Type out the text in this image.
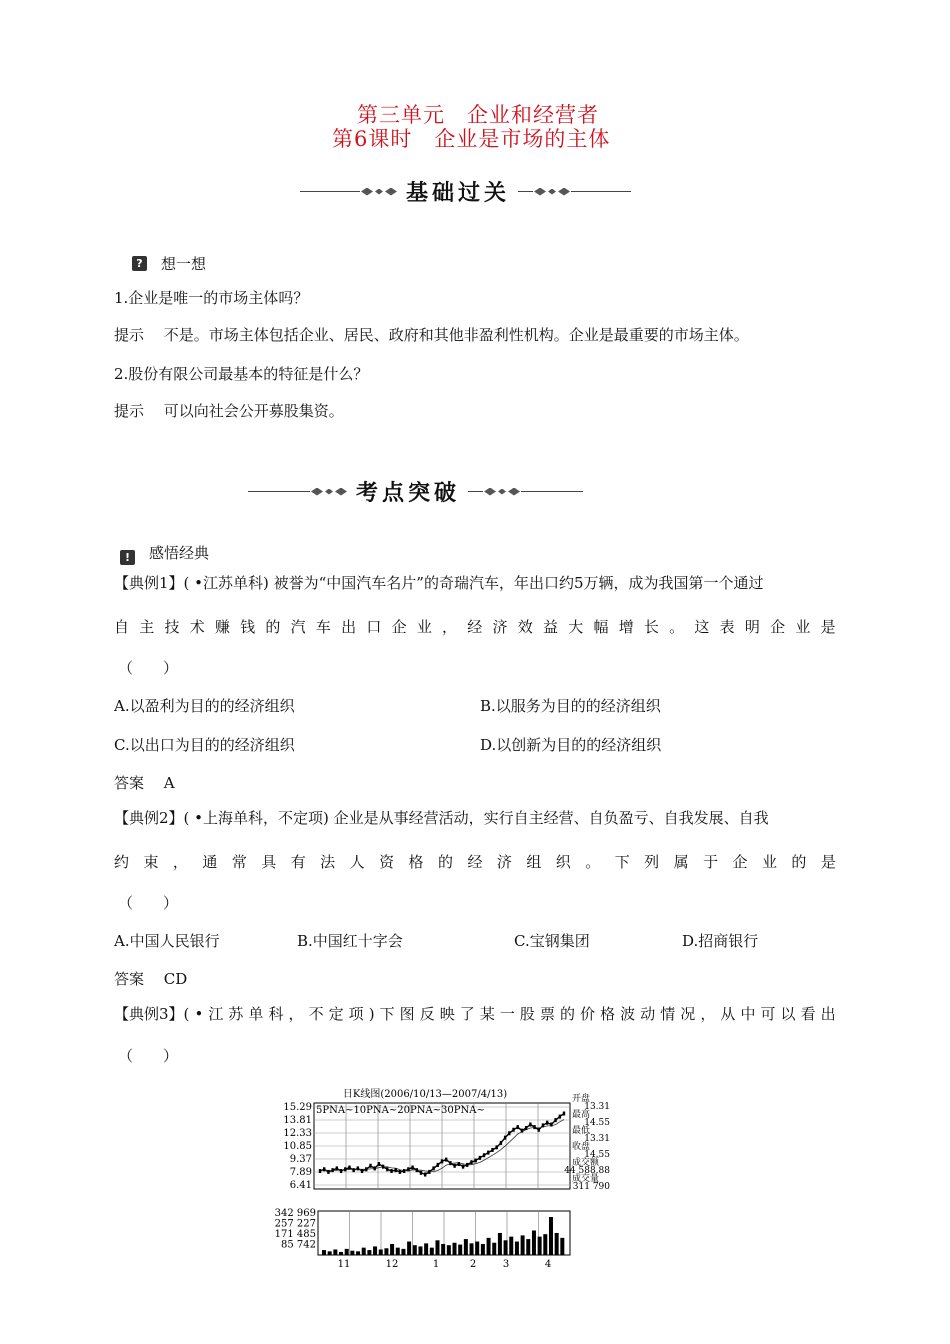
第三单元　企业和经营者
第6课时　企业是市场的主体
基础过关
? 想一想
1.企业是唯一的市场主体吗？
提示　 不是。市场主体包括企业、居民、政府和其他非盈利性机构。企业是最重要的市场主体。
2.股份有限公司最基本的特征是什么？
提示　 可以向社会公开募股集资。
考点突破
!	感悟经典
【典例1】( •江苏单科) 被誉为“中国汽车名片”的奇瑞汽车，年出口约5万辆，成为我国第一个通过
自 主 技 术 赚 钱 的 汽 车 出 口 企 业 ， 经 济 效 益 大 幅 增 长 。 这 表 明 企 业 是
（　　）
A.以盈利为目的的经济组织	B.以服务为目的的经济组织
C.以出口为目的的经济组织	D.以创新为目的的经济组织
答案　 A
【典例2】( •上海单科，不定项) 企业是从事经营活动，实行自主经营、自负盈亏、自我发展、自我
约 束 ， 通 常 具 有 法 人 资 格 的 经 济 组 织 。 下 列 属 于 企 业 的 是
（　　）
A.中国人民银行	B.中国红十字会	C.宝钢集团	D.招商银行
答案　 CD
【典例3】( • 江 苏 单 科 ， 不 定 项 ) 下 图 反 映 了 某 一 股 票 的 价 格 波 动 情 况 ， 从 中 可 以 看 出
（　　）
日K线图(2006/10/13—2007/4/13)
15.29
13.81
12.33
10.85
9.37
7.89
6.41
5PNA~10PNA~20PNA~30PNA~
开盘
13.31
最高
14.55
最低
13.31
收盘
14.55
成交额
44 588.88
成交量
311 790
342 969
257 227
171 485
85 742
11	12	1	2	3	4
